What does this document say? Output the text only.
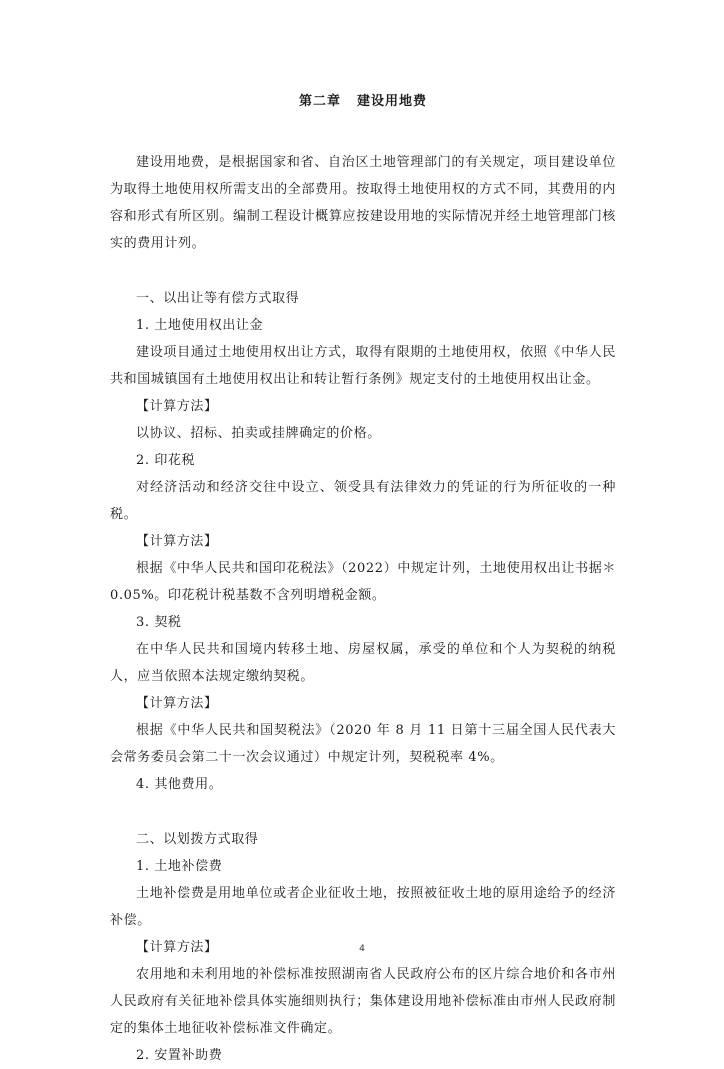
第二章 建设用地费

建设用地费，是根据国家和省、自治区土地管理部门的有关规定，项目建设单位为取得土地使用权所需支出的全部费用。按取得土地使用权的方式不同，其费用的内容和形式有所区别。编制工程设计概算应按建设用地的实际情况并经土地管理部门核实的费用计列。

一、以出让等有偿方式取得

1. 土地使用权出让金

建设项目通过土地使用权出让方式，取得有限期的土地使用权，依照《中华人民共和国城镇国有土地使用权出让和转让暂行条例》规定支付的土地使用权出让金。

【计算方法】

以协议、招标、拍卖或挂牌确定的价格。

2. 印花税

对经济活动和经济交往中设立、领受具有法律效力的凭证的行为所征收的一种税。

【计算方法】

根据《中华人民共和国印花税法》（2022）中规定计列，土地使用权出让书据＊0.05%。印花税计税基数不含列明增税金额。

3. 契税

在中华人民共和国境内转移土地、房屋权属，承受的单位和个人为契税的纳税人，应当依照本法规定缴纳契税。

【计算方法】

根据《中华人民共和国契税法》（2020 年 8 月 11 日第十三届全国人民代表大会常务委员会第二十一次会议通过）中规定计列，契税税率 4%。

4. 其他费用。

二、以划拨方式取得

1. 土地补偿费

土地补偿费是用地单位或者企业征收土地，按照被征收土地的原用途给予的经济补偿。

【计算方法】

农用地和未利用地的补偿标准按照湖南省人民政府公布的区片综合地价和各市州人民政府有关征地补偿具体实施细则执行；集体建设用地补偿标准由市州人民政府制定的集体土地征收补偿标准文件确定。

2. 安置补助费

4
